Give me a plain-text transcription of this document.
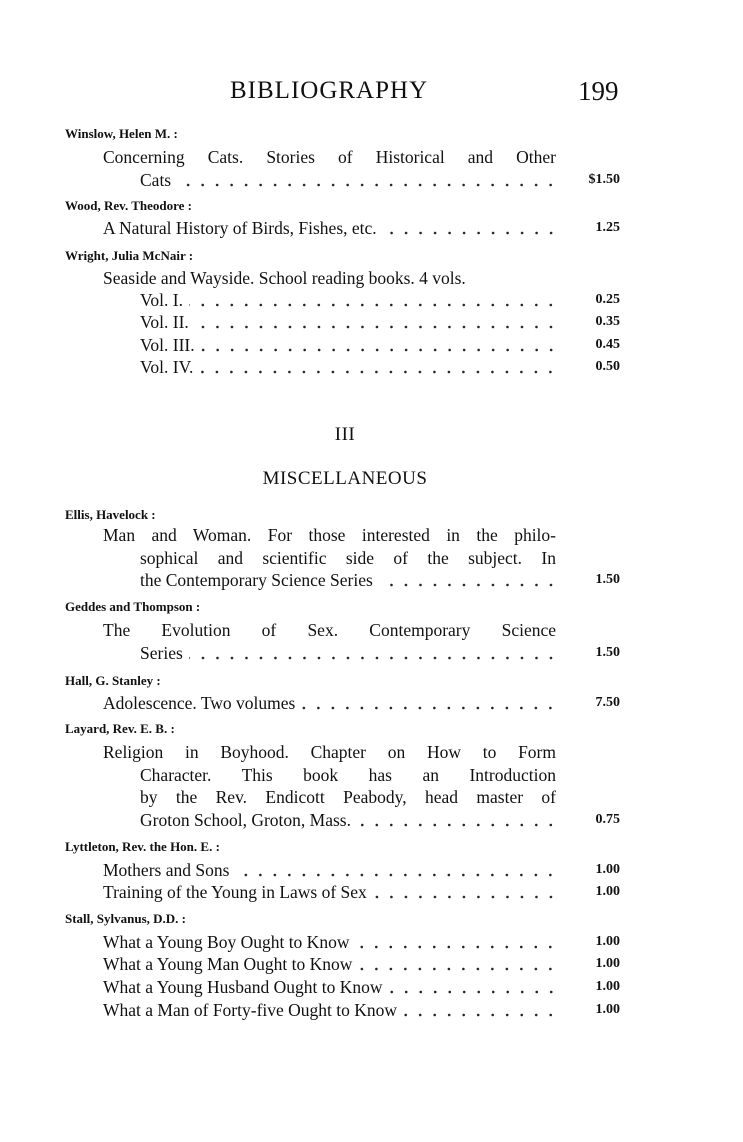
BIBLIOGRAPHY	199
III
MISCELLANEOUS
Winslow, Helen M. :
Concerning Cats. Stories of Historical and Other
Cats	$1.50
Wood, Rev. Theodore :
A Natural History of Birds, Fishes, etc.	1.25
Wright, Julia McNair :
Seaside and Wayside. School reading books. 4 vols.
Vol. I.	0.25
Vol. II.	0.35
Vol. III.	0.45
Vol. IV.	0.50
Ellis, Havelock :
Man and Woman. For those interested in the philo-
sophical and scientific side of the subject. In
the Contemporary Science Series	1.50
Geddes and Thompson :
The Evolution of Sex. Contemporary Science
Series	1.50
Hall, G. Stanley :
Adolescence. Two volumes	7.50
Layard, Rev. E. B. :
Religion in Boyhood. Chapter on How to Form
Character. This book has an Introduction
by the Rev. Endicott Peabody, head master of
Groton School, Groton, Mass.	0.75
Lyttleton, Rev. the Hon. E. :
Mothers and Sons	1.00
Training of the Young in Laws of Sex	1.00
Stall, Sylvanus, D.D. :
What a Young Boy Ought to Know	1.00
What a Young Man Ought to Know	1.00
What a Young Husband Ought to Know	1.00
What a Man of Forty-five Ought to Know	1.00
